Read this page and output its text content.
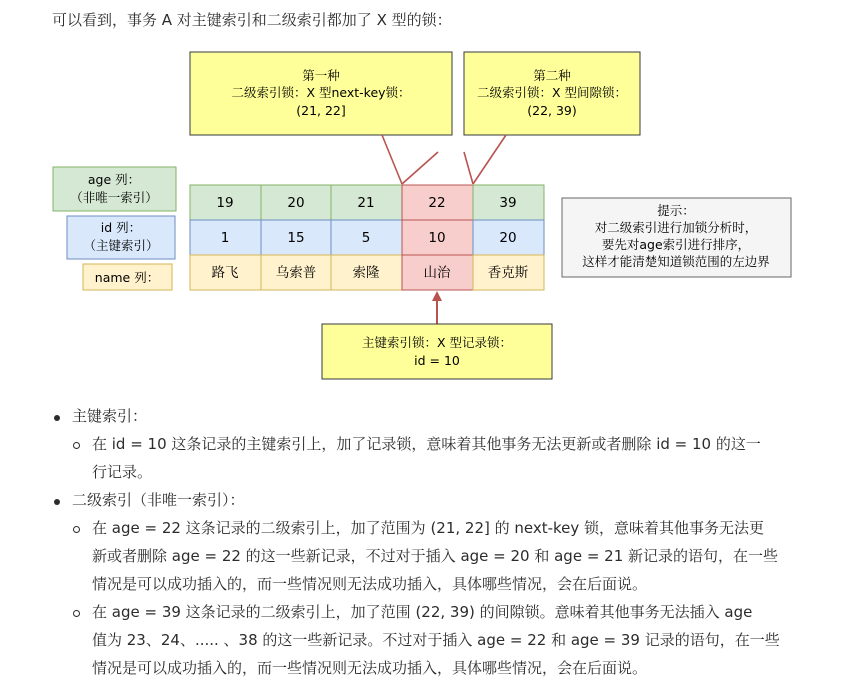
可以看到，事务 A 对主键索引和二级索引都加了 X 型的锁：
第一种
二级索引锁：X 型next-key锁：
(21, 22]
第二种
二级索引锁：X 型间隙锁：
(22, 39)
age 列：
（非唯一索引）
id 列：
（主键索引）
name 列：
19	20	21	22	39
1	15	5	10	20
路飞	乌索普	索隆	山治	香克斯
提示：
对二级索引进行加锁分析时，
要先对age索引进行排序，
这样才能清楚知道锁范围的左边界
主键索引锁：X 型记录锁：
id = 10
主键索引：
在 id = 10 这条记录的主键索引上，加了记录锁，意味着其他事务无法更新或者删除 id = 10 的这一
行记录。
二级索引（非唯一索引）：
在 age = 22 这条记录的二级索引上，加了范围为 (21, 22] 的 next-key 锁，意味着其他事务无法更
新或者删除 age = 22 的这一些新记录，不过对于插入 age = 20 和 age = 21 新记录的语句，在一些
情况是可以成功插入的，而一些情况则无法成功插入，具体哪些情况，会在后面说。
在 age = 39 这条记录的二级索引上，加了范围 (22, 39) 的间隙锁。意味着其他事务无法插入 age
值为 23、24、..... 、38 的这一些新记录。不过对于插入 age = 22 和 age = 39 记录的语句，在一些
情况是可以成功插入的，而一些情况则无法成功插入，具体哪些情况，会在后面说。
